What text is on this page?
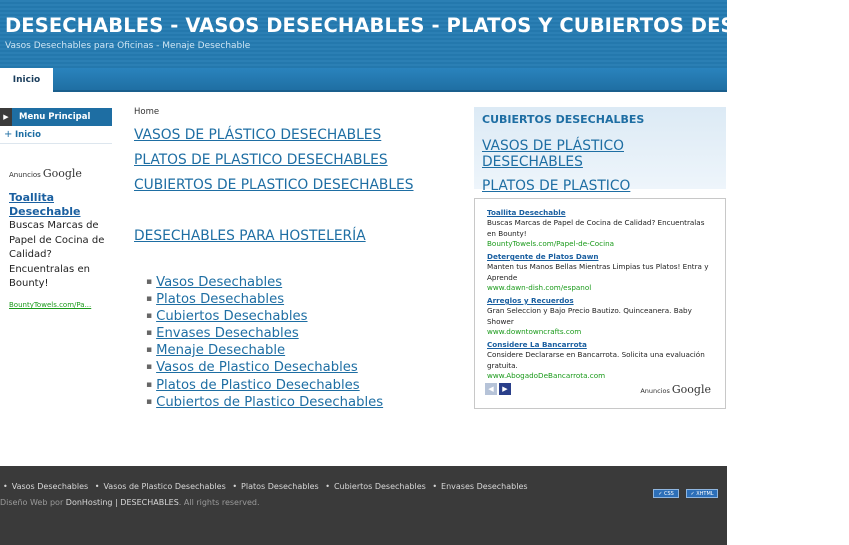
DESECHABLES - VASOS DESECHABLES - PLATOS Y CUBIERTOS DESECHABLES
Vasos Desechables para Oficinas - Menaje Desechable
Inicio
▶	Menu Principal
+ Inicio
Anuncios Google
Toallita Desechable
Buscas Marcas de Papel de Cocina de Calidad? Encuentralas en Bounty!
BountyTowels.com/Pa...
Home
VASOS DE PLÁSTICO DESECHABLES
PLATOS DE PLASTICO DESECHABLES
CUBIERTOS DE PLASTICO DESECHABLES
DESECHABLES PARA HOSTELERÍA
▪ Vasos Desechables
▪ Platos Desechables
▪ Cubiertos Desechables
▪ Envases Desechables
▪ Menaje Desechable
▪ Vasos de Plastico Desechables
▪ Platos de Plastico Desechables
▪ Cubiertos de Plastico Desechables
CUBIERTOS DESECHALBES
VASOS DE PLÁSTICO DESECHABLES
PLATOS DE PLASTICO
Toallita Desechable
Buscas Marcas de Papel de Cocina de Calidad? Encuentralas en Bounty!
BountyTowels.com/Papel-de-Cocina
Detergente de Platos Dawn
Manten tus Manos Bellas Mientras Limpias tus Platos! Entra y Aprende
www.dawn-dish.com/espanol
Arreglos y Recuerdos
Gran Seleccion y Bajo Precio Bautizo. Quinceanera. Baby Shower
www.downtowncrafts.com
Considere La Bancarrota
Considere Declararse en Bancarrota. Solicita una evaluación gratuita.
www.AbogadoDeBancarrota.com
◀	▶	Anuncios Google
• Vasos Desechables • Vasos de Plastico Desechables • Platos Desechables • Cubiertos Desechables • Envases Desechables
Diseño Web por DonHosting | DESECHABLES. All rights reserved.
✓ CSS	✓ XHTML
